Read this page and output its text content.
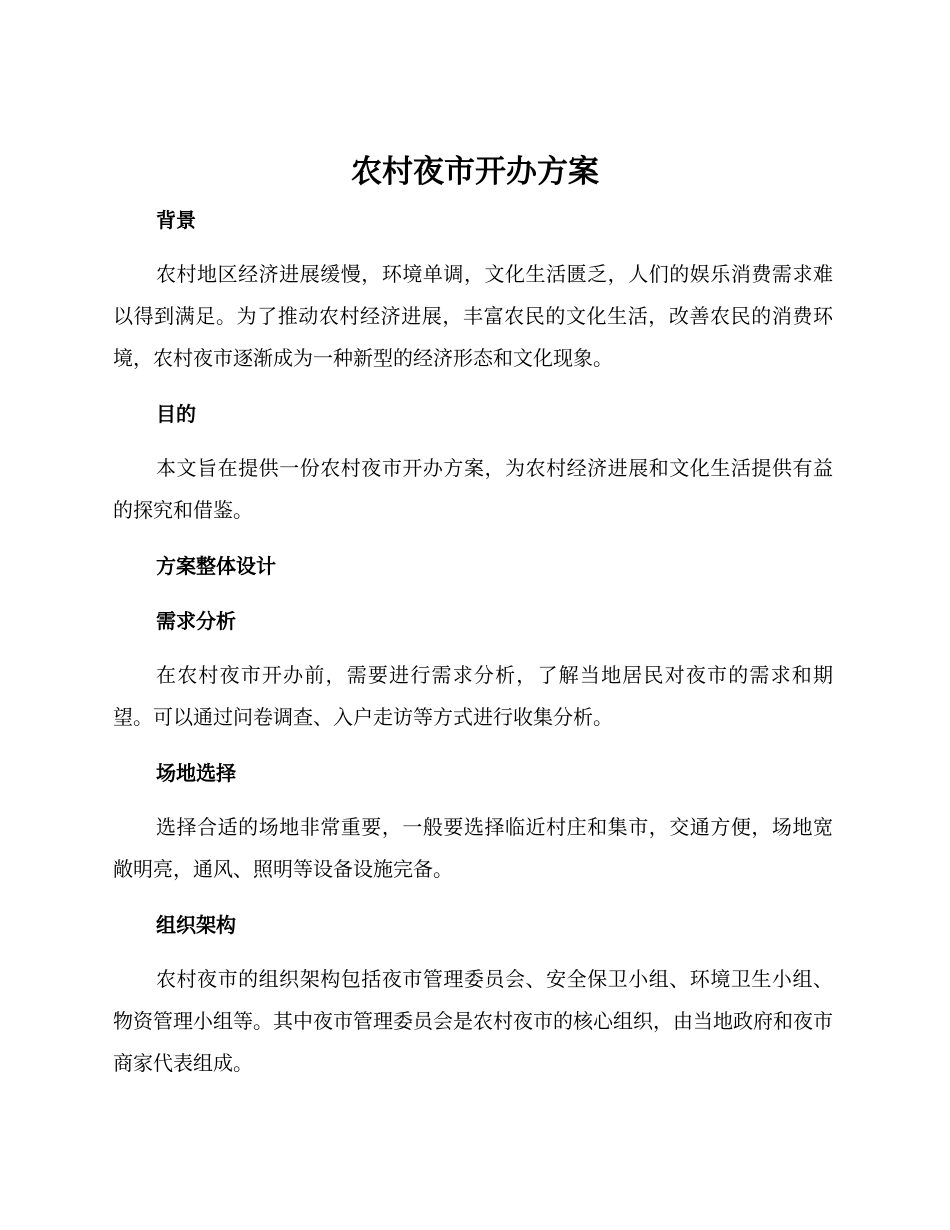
农村夜市开办方案
背景

农村地区经济进展缓慢，环境单调，文化生活匮乏，人们的娱乐消费需求难以得到满足。为了推动农村经济进展，丰富农民的文化生活，改善农民的消费环境，农村夜市逐渐成为一种新型的经济形态和文化现象。

目的

本文旨在提供一份农村夜市开办方案，为农村经济进展和文化生活提供有益的探究和借鉴。

方案整体设计
需求分析

在农村夜市开办前，需要进行需求分析，了解当地居民对夜市的需求和期望。可以通过问卷调查、入户走访等方式进行收集分析。

场地选择

选择合适的场地非常重要，一般要选择临近村庄和集市，交通方便，场地宽敞明亮，通风、照明等设备设施完备。

组织架构

农村夜市的组织架构包括夜市管理委员会、安全保卫小组、环境卫生小组、物资管理小组等。其中夜市管理委员会是农村夜市的核心组织，由当地政府和夜市商家代表组成。
